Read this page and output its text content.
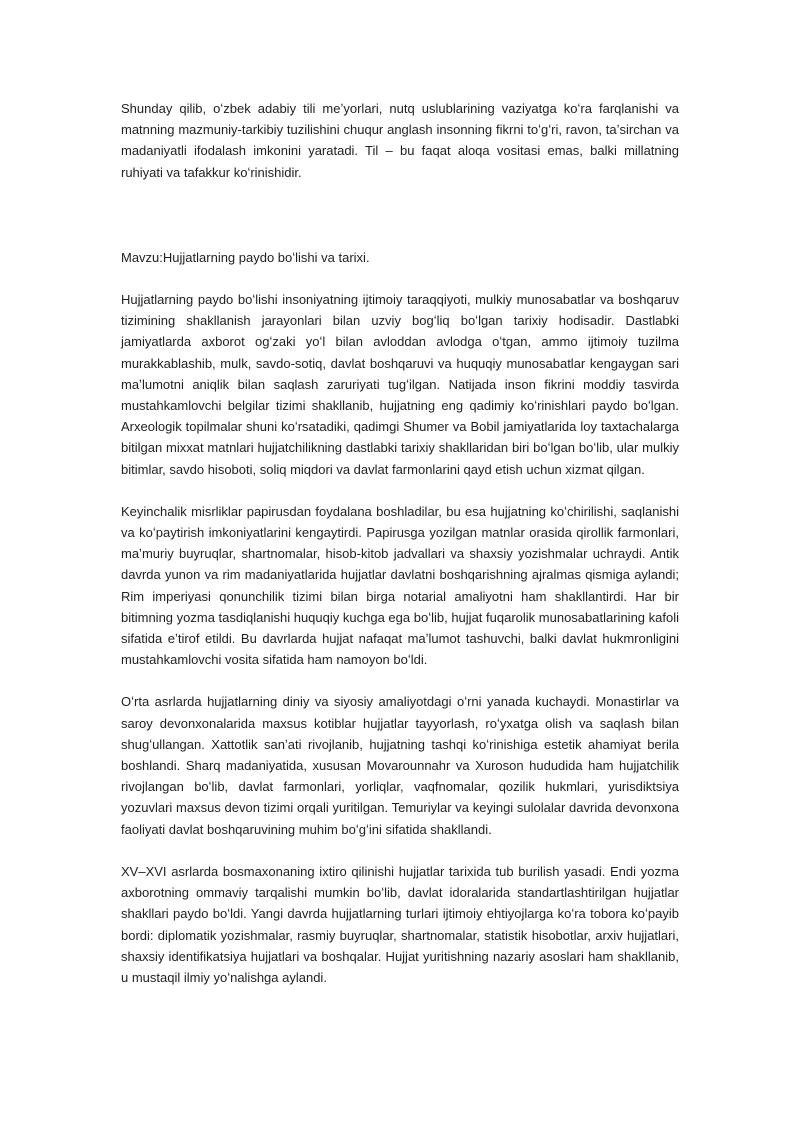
Shunday qilib, oʻzbek adabiy tili meʼyorlari, nutq uslublarining vaziyatga koʻra farqlanishi va matnning mazmuniy-tarkibiy tuzilishini chuqur anglash insonning fikrni toʻgʻri, ravon, taʼsirchan va madaniyatli ifodalash imkonini yaratadi. Til – bu faqat aloqa vositasi emas, balki millatning ruhiyati va tafakkur koʻrinishidir.

Mavzu:Hujjatlarning paydo boʻlishi va tarixi.

Hujjatlarning paydo boʻlishi insoniyatning ijtimoiy taraqqiyoti, mulkiy munosabatlar va boshqaruv tizimining shakllanish jarayonlari bilan uzviy bogʻliq boʻlgan tarixiy hodisadir. Dastlabki jamiyatlarda axborot ogʻzaki yoʻl bilan avloddan avlodga oʻtgan, ammo ijtimoiy tuzilma murakkablashib, mulk, savdo-sotiq, davlat boshqaruvi va huquqiy munosabatlar kengaygan sari maʼlumotni aniqlik bilan saqlash zaruriyati tugʻilgan. Natijada inson fikrini moddiy tasvirda mustahkamlovchi belgilar tizimi shakllanib, hujjatning eng qadimiy koʻrinishlari paydo boʻlgan. Arxeologik topilmalar shuni koʻrsatadiki, qadimgi Shumer va Bobil jamiyatlarida loy taxtachalarga bitilgan mixxat matnlari hujjatchilikning dastlabki tarixiy shakllaridan biri boʻlgan boʻlib, ular mulkiy bitimlar, savdo hisoboti, soliq miqdori va davlat farmonlarini qayd etish uchun xizmat qilgan.

Keyinchalik misrliklar papirusdan foydalana boshladilar, bu esa hujjatning koʻchirilishi, saqlanishi va koʻpaytirish imkoniyatlarini kengaytirdi. Papirusga yozilgan matnlar orasida qirollik farmonlari, maʼmuriy buyruqlar, shartnomalar, hisob-kitob jadvallari va shaxsiy yozishmalar uchraydi. Antik davrda yunon va rim madaniyatlarida hujjatlar davlatni boshqarishning ajralmas qismiga aylandi; Rim imperiyasi qonunchilik tizimi bilan birga notarial amaliyotni ham shakllantirdi. Har bir bitimning yozma tasdiqlanishi huquqiy kuchga ega boʻlib, hujjat fuqarolik munosabatlarining kafoli sifatida eʼtirof etildi. Bu davrlarda hujjat nafaqat maʼlumot tashuvchi, balki davlat hukmronligini mustahkamlovchi vosita sifatida ham namoyon boʻldi.

Oʻrta asrlarda hujjatlarning diniy va siyosiy amaliyotdagi oʻrni yanada kuchaydi. Monastirlar va saroy devonxonalarida maxsus kotiblar hujjatlar tayyorlash, roʻyxatga olish va saqlash bilan shugʻullangan. Xattotlik sanʼati rivojlanib, hujjatning tashqi koʻrinishiga estetik ahamiyat berila boshlandi. Sharq madaniyatida, xususan Movarounnahr va Xuroson hududida ham hujjatchilik rivojlangan boʻlib, davlat farmonlari, yorliqlar, vaqfnomalar, qozilik hukmlari, yurisdiktsiya yozuvlari maxsus devon tizimi orqali yuritilgan. Temuriylar va keyingi sulolalar davrida devonxona faoliyati davlat boshqaruvining muhim boʻgʻini sifatida shakllandi.

XV–XVI asrlarda bosmaxonaning ixtiro qilinishi hujjatlar tarixida tub burilish yasadi. Endi yozma axborotning ommaviy tarqalishi mumkin boʻlib, davlat idoralarida standartlashtirilgan hujjatlar shakllari paydo boʻldi. Yangi davrda hujjatlarning turlari ijtimoiy ehtiyojlarga koʻra tobora koʻpayib bordi: diplomatik yozishmalar, rasmiy buyruqlar, shartnomalar, statistik hisobotlar, arxiv hujjatlari, shaxsiy identifikatsiya hujjatlari va boshqalar. Hujjat yuritishning nazariy asoslari ham shakllanib, u mustaqil ilmiy yoʻnalishga aylandi.
